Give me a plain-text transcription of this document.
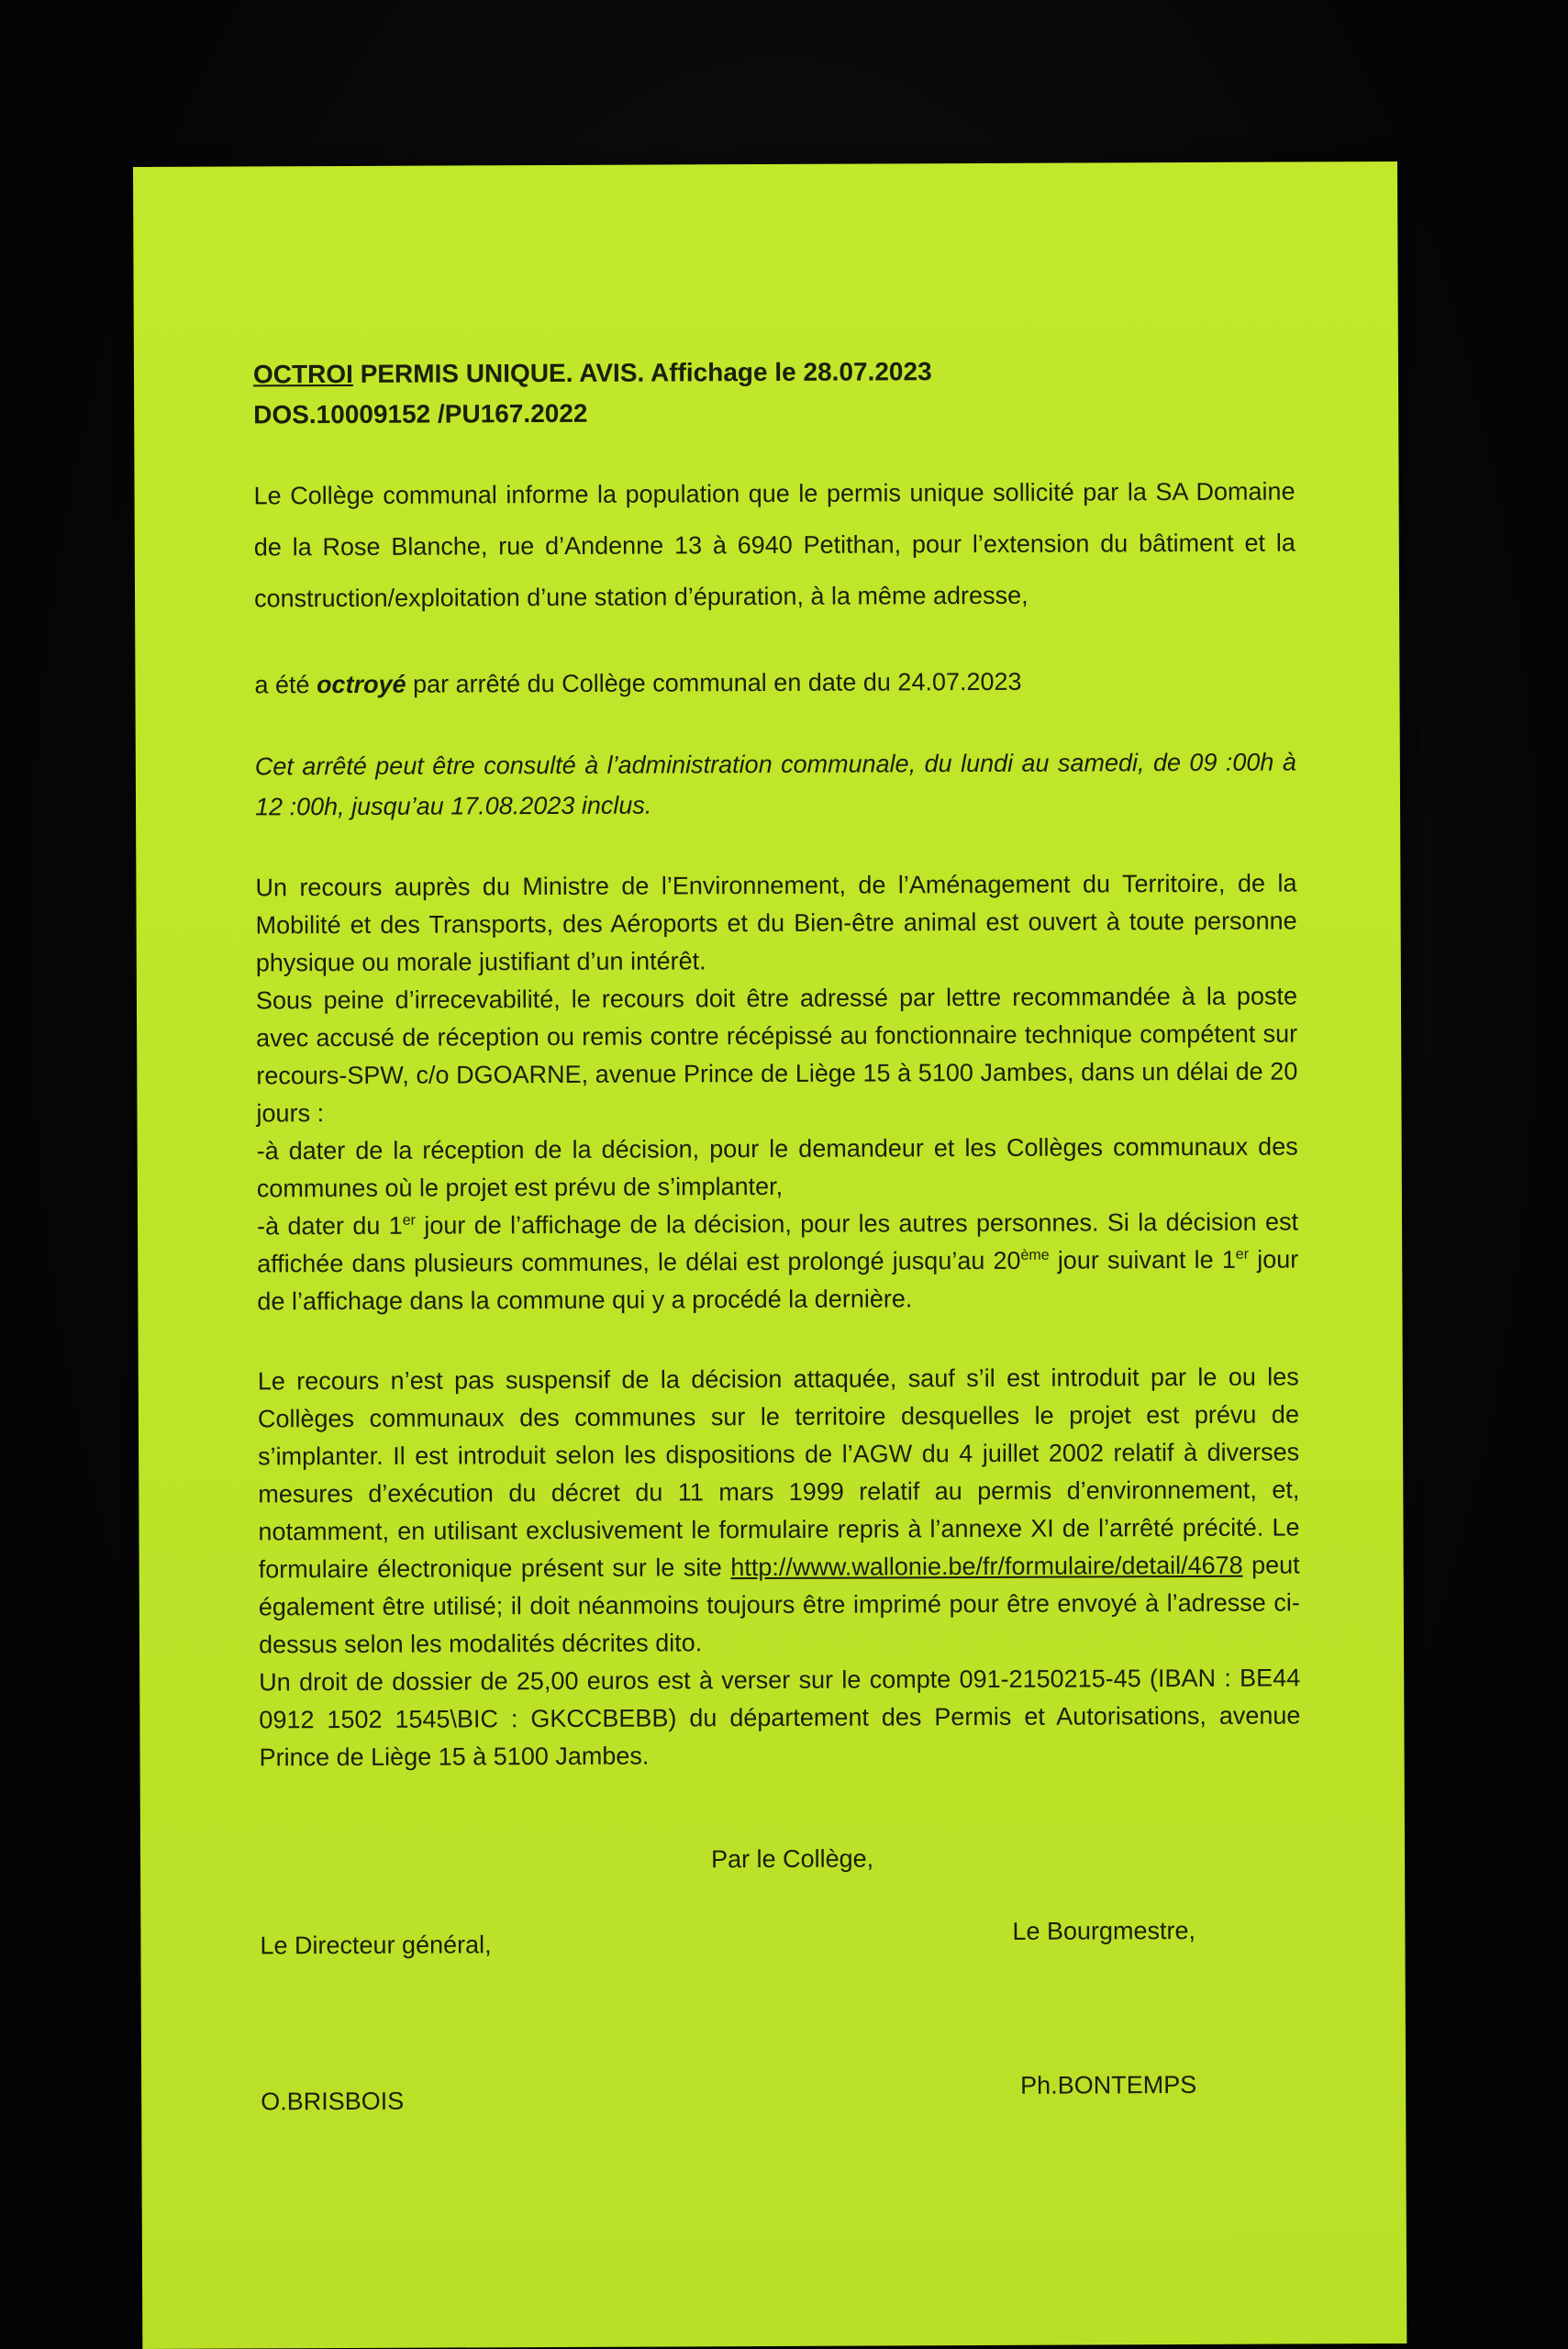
OCTROI PERMIS UNIQUE. AVIS. Affichage le 28.07.2023
DOS.10009152 /PU167.2022

Le Collège communal informe la population que le permis unique sollicité par la SA Domaine de la Rose Blanche, rue d’Andenne 13 à 6940 Petithan, pour l’extension du bâtiment et la construction/exploitation d’une station d’épuration, à la même adresse,

a été octroyé par arrêté du Collège communal en date du 24.07.2023

Cet arrêté peut être consulté à l’administration communale, du lundi au samedi, de 09 :00h à 12 :00h, jusqu’au 17.08.2023 inclus.

Un recours auprès du Ministre de l’Environnement, de l’Aménagement du Territoire, de la Mobilité et des Transports, des Aéroports et du Bien-être animal est ouvert à toute personne physique ou morale justifiant d’un intérêt.

Sous peine d’irrecevabilité, le recours doit être adressé par lettre recommandée à la poste avec accusé de réception ou remis contre récépissé au fonctionnaire technique compétent sur recours-SPW, c/o DGOARNE, avenue Prince de Liège 15 à 5100 Jambes, dans un délai de 20 jours :

-à dater de la réception de la décision, pour le demandeur et les Collèges communaux des communes où le projet est prévu de s’implanter,

-à dater du 1er jour de l’affichage de la décision, pour les autres personnes. Si la décision est affichée dans plusieurs communes, le délai est prolongé jusqu’au 20ème jour suivant le 1er jour de l’affichage dans la commune qui y a procédé la dernière.

Le recours n’est pas suspensif de la décision attaquée, sauf s’il est introduit par le ou les Collèges communaux des communes sur le territoire desquelles le projet est prévu de s’implanter. Il est introduit selon les dispositions de l’AGW du 4 juillet 2002 relatif à diverses mesures d’exécution du décret du 11 mars 1999 relatif au permis d’environnement, et, notamment, en utilisant exclusivement le formulaire repris à l’annexe XI de l’arrêté précité. Le formulaire électronique présent sur le site http://www.wallonie.be/fr/formulaire/detail/4678 peut également être utilisé; il doit néanmoins toujours être imprimé pour être envoyé à l’adresse ci-dessus selon les modalités décrites dito.

Un droit de dossier de 25,00 euros est à verser sur le compte 091-2150215-45 (IBAN : BE44 0912 1502 1545\BIC : GKCCBEBB) du département des Permis et Autorisations, avenue Prince de Liège 15 à 5100 Jambes.

Par le Collège,
Le Directeur général,	Le Bourgmestre,
O.BRISBOIS
Ph.BONTEMPS
